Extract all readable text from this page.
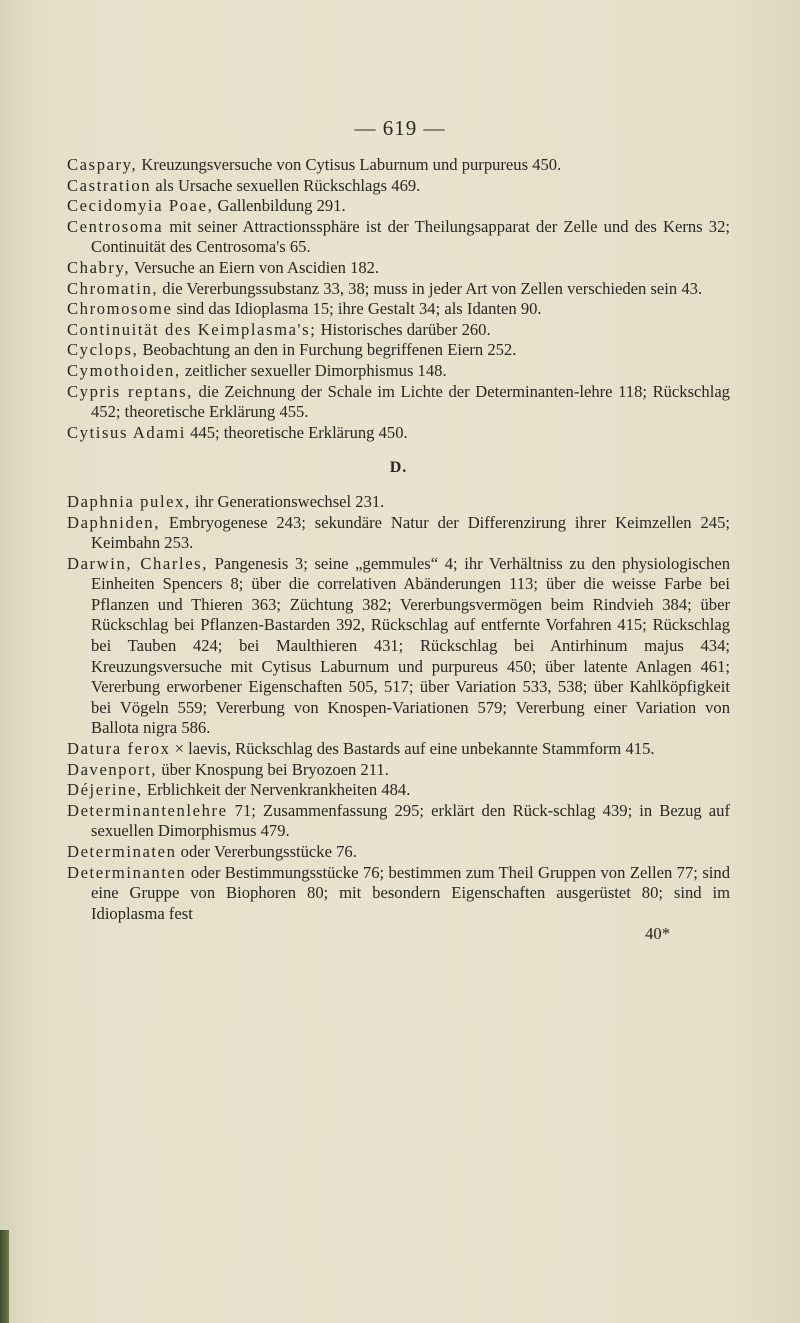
— 619 —

Caspary, Kreuzungsversuche von Cytisus Laburnum und purpureus 450.

Castration als Ursache sexuellen Rückschlags 469.

Cecidomyia Poae, Gallenbildung 291.

Centrosoma mit seiner Attractionssphäre ist der Theilungsapparat der Zelle und des Kerns 32; Continuität des Centrosoma's 65.

Chabry, Versuche an Eiern von Ascidien 182.

Chromatin, die Vererbungssubstanz 33, 38; muss in jeder Art von Zellen verschieden sein 43.

Chromosome sind das Idioplasma 15; ihre Gestalt 34; als Idanten 90.

Continuität des Keimplasma's; Historisches darüber 260.

Cyclops, Beobachtung an den in Furchung begriffenen Eiern 252.

Cymothoiden, zeitlicher sexueller Dimorphismus 148.

Cypris reptans, die Zeichnung der Schale im Lichte der Determinanten-lehre 118; Rückschlag 452; theoretische Erklärung 455.

Cytisus Adami 445; theoretische Erklärung 450.

D.

Daphnia pulex, ihr Generationswechsel 231.

Daphniden, Embryogenese 243; sekundäre Natur der Differenzirung ihrer Keimzellen 245; Keimbahn 253.

Darwin, Charles, Pangenesis 3; seine „gemmules“ 4; ihr Verhältniss zu den physiologischen Einheiten Spencers 8; über die correlativen Abänderungen 113; über die weisse Farbe bei Pflanzen und Thieren 363; Züchtung 382; Vererbungsvermögen beim Rindvieh 384; über Rückschlag bei Pflanzen-Bastarden 392, Rückschlag auf entfernte Vorfahren 415; Rückschlag bei Tauben 424; bei Maulthieren 431; Rückschlag bei Antirhinum majus 434; Kreuzungsversuche mit Cytisus Laburnum und purpureus 450; über latente Anlagen 461; Vererbung erworbener Eigenschaften 505, 517; über Variation 533, 538; über Kahlköpfigkeit bei Vögeln 559; Vererbung von Knospen-Variationen 579; Vererbung einer Variation von Ballota nigra 586.

Datura ferox × laevis, Rückschlag des Bastards auf eine unbekannte Stammform 415.

Davenport, über Knospung bei Bryozoen 211.

Déjerine, Erblichkeit der Nervenkrankheiten 484.

Determinantenlehre 71; Zusammenfassung 295; erklärt den Rück-schlag 439; in Bezug auf sexuellen Dimorphismus 479.

Determinaten oder Vererbungsstücke 76.

Determinanten oder Bestimmungsstücke 76; bestimmen zum Theil Gruppen von Zellen 77; sind eine Gruppe von Biophoren 80; mit besondern Eigenschaften ausgerüstet 80; sind im Idioplasma fest

40*
